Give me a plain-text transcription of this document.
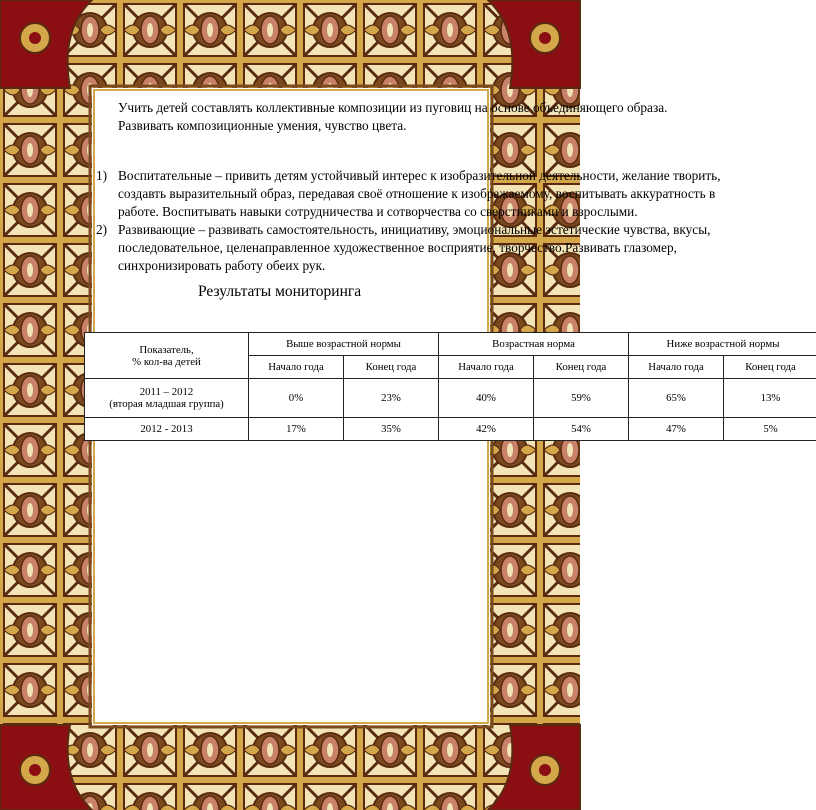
Учить детей составлять коллективные композиции из пуговиц на основе объединяющего образа. Развивать композиционные умения, чувство цвета.
1) Воспитательные – привить детям устойчивый интерес к изобразительной деятельности, желание творить, создавть выразительный образ, передавая своё отношение к изображаемому, воспитывать аккуратность в работе. Воспитывать навыки сотрудничества и сотворчества со сверстниками и взрослыми.
2) Развивающие – развивать самостоятельность, инициативу, эмоциональные эстетические чувства, вкусы, последовательное, целенаправленное художественное восприятие, творчество.Развивать глазомер, синхронизировать работу обеих рук.
Результаты мониторинга
Показатель,
% кол-ва детей	Выше возрастной нормы		Возрастная норма		Ниже возрастной нормы	
	Начало года	Конец года	Начало года	Конец года	Начало года	Конец года

2011 – 2012
(вторая младшая группа)	0%	23%	40%	59%	65%	13%

2012 - 2013	17%	35%	42%	54%	47%	5%
